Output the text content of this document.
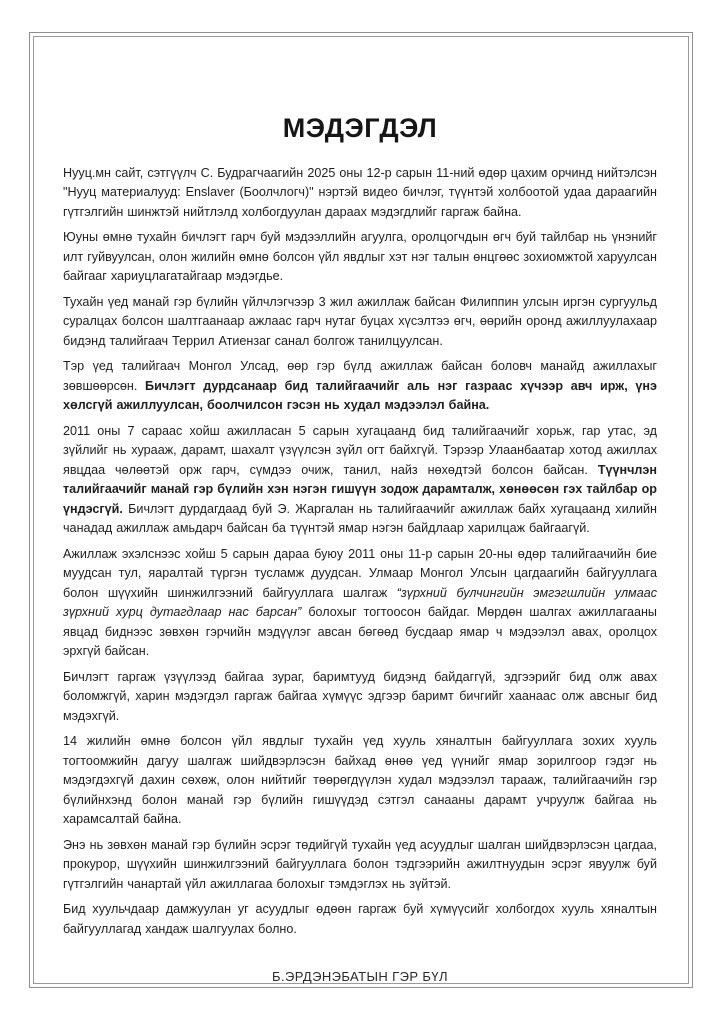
МЭДЭГДЭЛ

Нууц.мн сайт, сэтгүүлч С. Будрагчаагийн 2025 оны 12-р сарын 11-ний өдөр цахим орчинд нийтэлсэн "Нууц материалууд: Enslaver (Боолчлогч)" нэртэй видео бичлэг, түүнтэй холбоотой удаа дараагийн гүтгэлгийн шинжтэй нийтлэлд холбогдуулан дараах мэдэгдлийг гаргаж байна.

Юуны өмнө тухайн бичлэгт гарч буй мэдээллийн агуулга, оролцогчдын өгч буй тайлбар нь үнэнийг илт гуйвуулсан, олон жилийн өмнө болсон үйл явдлыг хэт нэг талын өнцгөөс зохиомжтой харуулсан байгааг хариуцлагатайгаар мэдэгдье.

Тухайн үед манай гэр бүлийн үйлчлэгчээр 3 жил ажиллаж байсан Филиппин улсын иргэн сургуульд суралцах болсон шалтгаанаар ажлаас гарч нутаг буцах хүсэлтээ өгч, өөрийн оронд ажиллуулахаар бидэнд талийгаач Террил Атиензаг санал болгож танилцуулсан.

Тэр үед талийгаач Монгол Улсад, өөр гэр бүлд ажиллаж байсан боловч манайд ажиллахыг зөвшөөрсөн. Бичлэгт дурдсанаар бид талийгаачийг аль нэг газраас хүчээр авч ирж, үнэ хөлсгүй ажиллуулсан, боолчилсон гэсэн нь худал мэдээлэл байна.

2011 оны 7 сараас хойш ажилласан 5 сарын хугацаанд бид талийгаачийг хорьж, гар утас, эд зүйлийг нь хурааж, дарамт, шахалт үзүүлсэн зүйл огт байхгүй. Тэрээр Улаанбаатар хотод ажиллах явцдаа чөлөөтэй орж гарч, сүмдээ очиж, танил, найз нөхөдтэй болсон байсан. Түүнчлэн талийгаачийг манай гэр бүлийн хэн нэгэн гишүүн зодож дарамталж, хөнөөсөн гэх тайлбар ор үндэсгүй. Бичлэгт дурдагдаад буй Э. Жаргалан нь талийгаачийг ажиллаж байх хугацаанд хилийн чанадад ажиллаж амьдарч байсан ба түүнтэй ямар нэгэн байдлаар харилцаж байгаагүй.

Ажиллаж эхэлснээс хойш 5 сарын дараа буюу 2011 оны 11-р сарын 20-ны өдөр талийгаачийн бие муудсан тул, яаралтай түргэн тусламж дуудсан. Улмаар Монгол Улсын цагдаагийн байгууллага болон шүүхийн шинжилгээний байгууллага шалгаж “зүрхний булчингийн эмгэгшлийн улмаас зүрхний хурц дутагдлаар нас барсан” болохыг тогтоосон байдаг. Мөрдөн шалгах ажиллагааны явцад биднээс зөвхөн гэрчийн мэдүүлэг авсан бөгөөд бусдаар ямар ч мэдээлэл авах, оролцох эрхгүй байсан.

Бичлэгт гаргаж үзүүлээд байгаа зураг, баримтууд бидэнд байдаггүй, эдгээрийг бид олж авах боломжгүй, харин мэдэгдэл гаргаж байгаа хүмүүс эдгээр баримт бичгийг хаанаас олж авсныг бид мэдэхгүй.

14 жилийн өмнө болсон үйл явдлыг тухайн үед хууль хяналтын байгууллага зохих хууль тогтоомжийн дагуу шалгаж шийдвэрлэсэн байхад өнөө үед үүнийг ямар зорилгоор гэдэг нь мэдэгдэхгүй дахин сөхөж, олон нийтийг төөрөгдүүлэн худал мэдээлэл тарааж, талийгаачийн гэр бүлийнхэнд болон манай гэр бүлийн гишүүдэд сэтгэл санааны дарамт учруулж байгаа нь харамсалтай байна.

Энэ нь зөвхөн манай гэр бүлийн эсрэг төдийгүй тухайн үед асуудлыг шалган шийдвэрлэсэн цагдаа, прокурор, шүүхийн шинжилгээний байгууллага болон тэдгээрийн ажилтнуудын эсрэг явуулж буй гүтгэлгийн чанартай үйл ажиллагаа болохыг тэмдэглэх нь зүйтэй.

Бид хуульчдаар дамжуулан уг асуудлыг өдөөн гаргаж буй хүмүүсийг холбогдох хууль хяналтын байгууллагад хандаж шалгуулах болно.

Б.ЭРДЭНЭБАТЫН ГЭР БҮЛ
